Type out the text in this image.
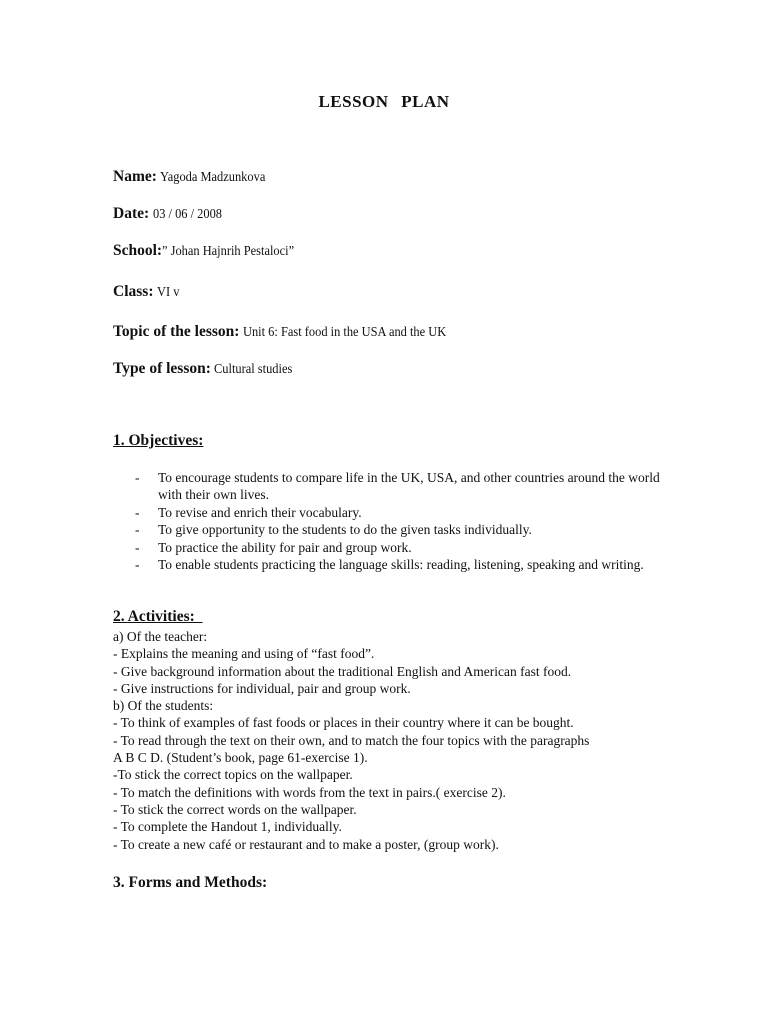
LESSON PLAN
Name: Yagoda Madzunkova
Date: 03 / 06 / 2008
School:” Johan Hajnrih Pestaloci”
Class: VI v
Topic of the lesson: Unit 6: Fast food in the USA and the UK
Type of lesson: Cultural studies
1. Objectives:
- To encourage students to compare life in the UK, USA, and other countries around the world with their own lives.
- To revise and enrich their vocabulary.
- To give opportunity to the students to do the given tasks individually.
- To practice the ability for pair and group work.
- To enable students practicing the language skills: reading, listening, speaking and writing.
2. Activities:
a) Of the teacher:
- Explains the meaning and using of “fast food”.
- Give background information about the traditional English and American fast food.
- Give instructions for individual, pair and group work.
b) Of the students:
- To think of examples of fast foods or places in their country where it can be bought.
- To read through the text on their own, and to match the four topics with the paragraphs
A B C D. (Student’s book, page 61-exercise 1).
-To stick the correct topics on the wallpaper.
- To match the definitions with words from the text in pairs.( exercise 2).
- To stick the correct words on the wallpaper.
- To complete the Handout 1, individually.
- To create a new café or restaurant and to make a poster, (group work).
3. Forms and Methods:
